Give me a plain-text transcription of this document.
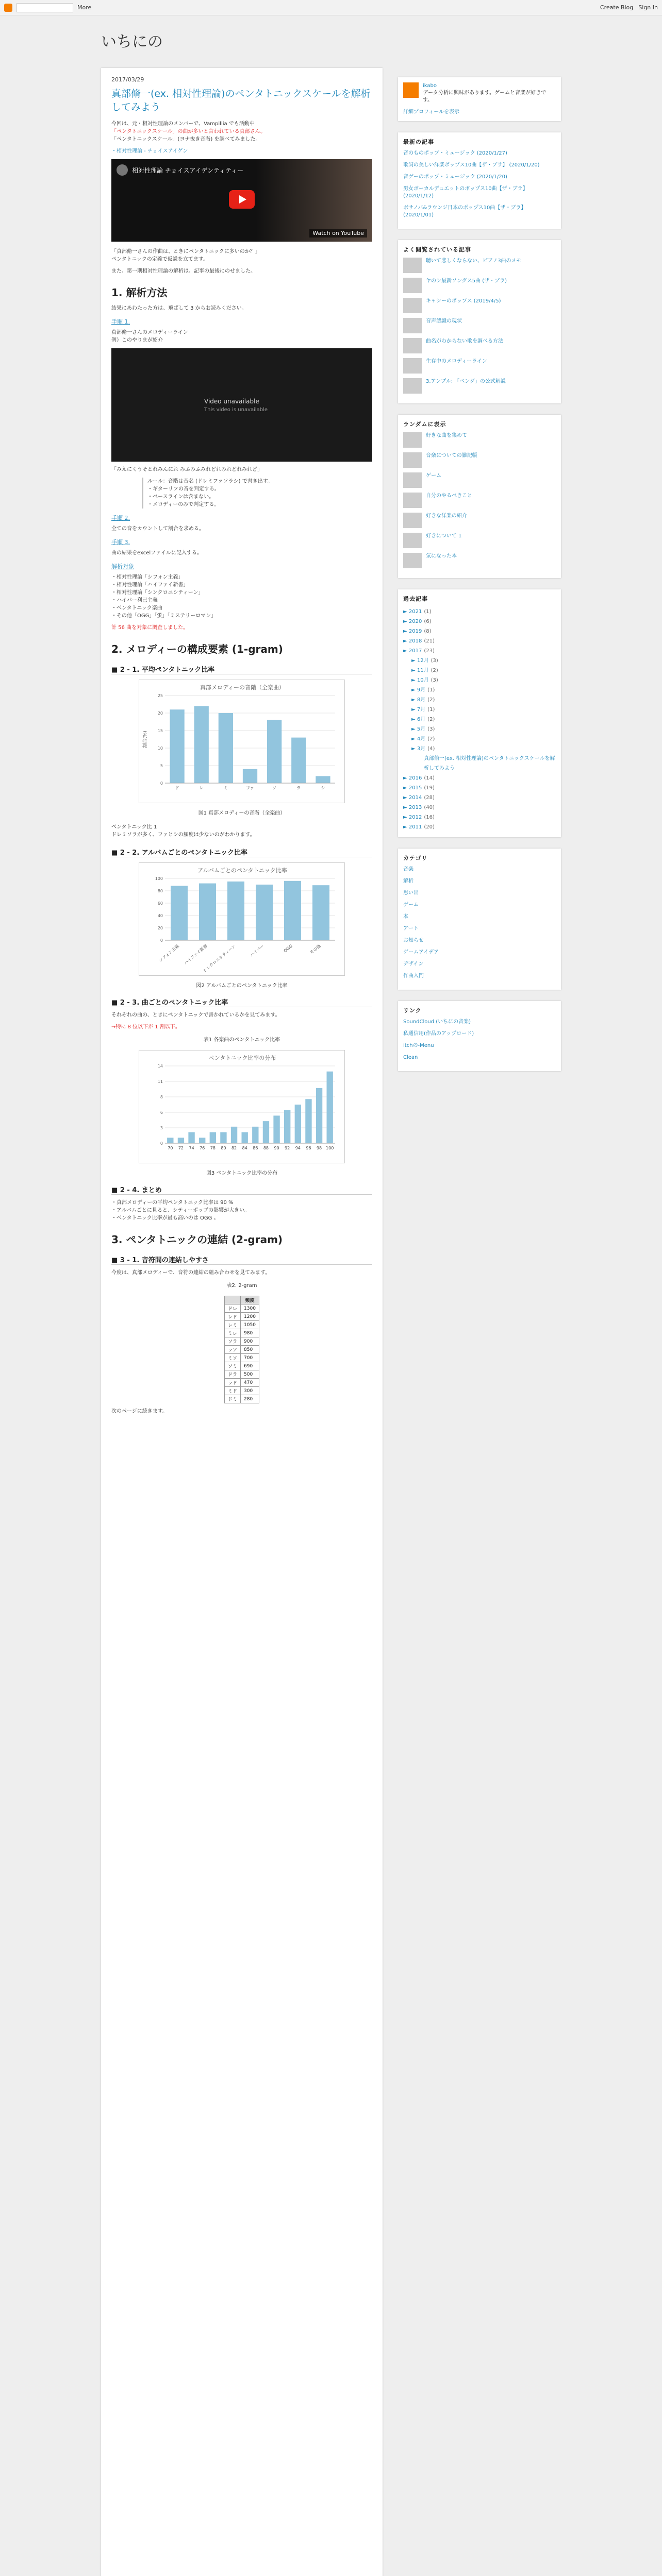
More	Create Blog Sign In
いちにの
2017/03/29
真部脩一(ex. 相対性理論)のペンタトニックスケールを解析してみよう
今回は、元・相対性理論のメンバーで、Vampillia でも活動中
「ペンタトニックスケール」の曲が多いと言われている真部さん。
「ペンタトニックスケール」(ヨナ抜き音階) を調べてみました。
・相対性理論 - チョイスアイゲン
相対性理論 チョイスアイデンティティー
Watch on YouTube
「真部脩一さんの作曲は、ときにペンタトニックに多いのか？」
ペンタトニックの定義で仮説を立てます。
また、第一期相対性理論の解析は、記事の最後にのせました。
1. 解析方法
結果にあわたった方は、飛ばして 3 からお読みください。
手順 1.
真部脩一さんのメロディーライン
例）このやりまが紹介
Video unavailable
This video is unavailable
「みえにくうそとれみんにれ みふみふみれどれみれどれみれど」
ルール：音階は音名 (ドレミファソラシ) で書き出す。
・ギターリフの音を判定する。
・ベースラインは含まない。
・メロディーのみで判定する。
手順 2.
全ての音をカウントして割合を求める。
手順 3.
曲の結果をexcelファイルに記入する。
解析対象
・相対性理論「シフォン主義」
・相対性理論「ハイファイ新書」
・相対性理論「シンクロニシティーン」
・ハイパー利己主義
・ペンタトニック楽曲
・その他「OGG」「蛍」「ミステリーロマン」
計 56 曲を対象に調査しました。
2. メロディーの構成要素 (1-gram)
■ 2 - 1. 平均ペンタトニック比率
真部メロディーの音階（全楽曲）
0
5
10
15
20
25
割合(%)
ド	レ	ミ	ファ	ソ	ラ	シ
図1 真部メロディーの音階（全楽曲）
ペンタトニック比 1
ドレミソラが多く、ファとシの頻度は少ないのがわかります。
■ 2 - 2. アルバムごとのペンタトニック比率
アルバムごとのペンタトニック比率
0
20
40
60
80
100
シフォン主義 ハイファイ新書
シンクロニシティーン	ハイパー	OGG	その他
図2 アルバムごとのペンタトニック比率
■ 2 - 3. 曲ごとのペンタトニック比率
それぞれの曲の、ときにペンタトニックで書かれているかを見てみます。
→特に 8 位以下が 1 割以下。
表1 各楽曲のペンタトニック比率
ペンタトニック比率の分布
0
3
6
8
11
14
70 72 74 76 78 80 82 84 86 88 90 92 94 96 98 100
図3 ペンタトニック比率の分布
■ 2 - 4. まとめ
・真部メロディーの平均ペンタトニック比率は 90 %
・アルバムごとに見ると、シティーポップの影響が大きい。
・ペンタトニック比率が最も高いのは OGG 。
3. ペンタトニックの連結 (2-gram)
■ 3 - 1. 音符間の連結しやすさ
今度は、真部メロディーで、音符の連結の組み合わせを見てみます。
表2. 2-gram
	頻度
ドレ	1300
レド	1200
レミ	1050
ミレ	980
ソラ	900
ラソ	850
ミソ	700
ソミ	690
ドラ	500
ラド	470
ミド	300
ドミ	280
次のページに続きます。
ikabo
データ分析に興味があります。ゲームと音楽が好きです。
詳細プロフィールを表示
最新の記事
音のものポップ・ミュージック (2020/1/27)
歌詞の美しい洋楽ボップス10曲【ザ・ブラ】 (2020/1/20)
音ゲーのポップ・ミュージック (2020/1/20)
男女ボーカルデュエットのボップス10曲【ザ・ブラ】 (2020/1/12)
ボサノバ&ラウンジ日本のポップス10曲【ザ・ブラ】 (2020/1/01)
よく閲覧されている記事
聴いて悲しくならない、ピアノ3曲のメモ
ヤのシ最新ソングス5曲 (ザ・ブラ)
キャシーのポップス (2019/4/5)
音声認識の現状
曲名がわからない歌を調べる方法
生存中のメロディーライン
3.アンプル: 「ベンダ」の公式解説
ランダムに表示
好きな曲を集めて
音楽についての雑記帳
ゲーム
自分のやるべきこと
好きな洋楽の紹介
好きについて 1
気になった本
過去記事
► 2021 (1)
► 2020 (6)
► 2019 (8)
► 2018 (21)
► 2017 (23)
► 12月 (3)
► 11月 (2)
► 10月 (3)
► 9月 (1)
► 8月 (2)
► 7月 (1)
► 6月 (2)
► 5月 (3)
► 4月 (2)
► 3月 (4)
真部脩一(ex. 相対性理論)のペンタトニックスケールを解析してみよう
► 2016 (14)
► 2015 (19)
► 2014 (28)
► 2013 (40)
► 2012 (16)
► 2011 (20)
カテゴリ
音楽
解析
思い出
ゲーム
本
アート
お知らせ
ゲームアイデア
デザイン
作曲入門
リンク
SoundCloud (いちにの音楽)
私通信用(作品のアップロード)
itchの-Menu
Clean
